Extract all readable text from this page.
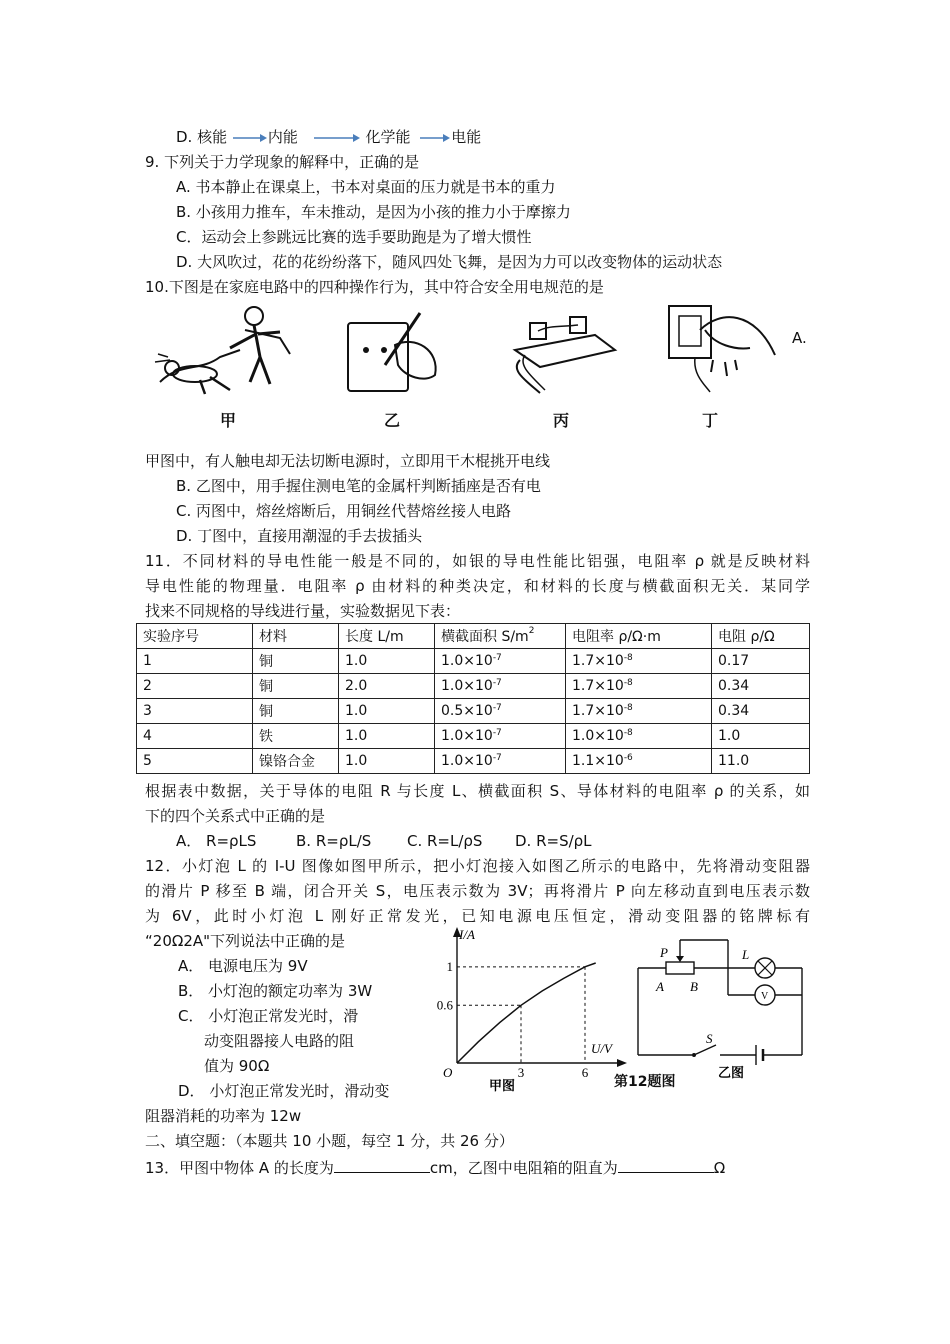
D. 核能	内能	化学能	电能
9. 下列关于力学现象的解释中，正确的是
A. 书本静止在课桌上，书本对桌面的压力就是书本的重力
B. 小孩用力推车，车未推动，是因为小孩的推力小于摩擦力
C．运动会上参跳远比赛的选手要助跑是为了增大惯性
D. 大风吹过，花的花纷纷落下，随风四处飞舞，是因为力可以改变物体的运动状态
10.下图是在家庭电路中的四种操作行为，其中符合安全用电规范的是
甲	乙	丙	丁
A.
甲图中，有人触电却无法切断电源时，立即用干木棍挑开电线
B. 乙图中，用手握住测电笔的金属杆判断插座是否有电
C. 丙图中，熔丝熔断后，用铜丝代替熔丝接人电路
D. 丁图中，直接用潮湿的手去拔插头
11．不同材料的导电性能一般是不同的，如银的导电性能比铝强，电阻率 ρ 就是反映材料
导电性能的物理量．电阻率 ρ 由材料的种类决定，和材料的长度与横截面积无关．某同学
找来不同规格的导线进行量，实验数据见下表：
实验序号	材料	长度 L/m	横截面积 $S/m^2$	电阻率 ρ/Ω·m	电阻 ρ/Ω
1	铜	1.0	$1.0\times 10^{-7}$	$1.7\times 10^{-8}$	0.17
2	铜	2.0	$1.0\times 10^{-7}$	$1.7\times 10^{-8}$	0.34
3	铜	1.0	$0.5\times 10^{-7}$	$1.7\times 10^{-8}$	0.34
4	铁	1.0	$1.0\times 10^{-7}$	$1.0\times 10^{-8}$	1.0
5	镍铬合金	1.0	$1.0\times 10^{-7}$	$1.1\times 10^{-6}$	11.0
根据表中数据，关于导体的电阻 R 与长度 L、横截面积 S、导体材料的电阻率 ρ 的关系，如
下的四个关系式中正确的是
A． R=ρLS	B. R=ρL/S C. R=L/ρS D. R=S/ρL
12．小灯泡 L 的 I-U 图像如图甲所示，把小灯泡接入如图乙所示的电路中，先将滑动变阻器
的滑片 P 移至 B 端，闭合开关 S，电压表示数为 3V；再将滑片 P 向左移动直到电压表示数
为 6V，此时小灯泡 L 刚好正常发光，已知电源电压恒定，滑动变阻器的铭牌标有
“20Ω2A"下列说法中正确的是
A． 电源电压为 9V
B． 小灯泡的额定功率为 3W
C． 小灯泡正常发光时，滑
动变阻器接人电路的阻
值为 90Ω
D． 小灯泡正常发光时，滑动变
阻器消耗的功率为 12w
I/A
U/V
O
1
0.6
3	6
甲图
P
A B
L
V
S
乙图
第12题图
二、填空题：（本题共 10 小题，每空 1 分，共 26 分）
13．甲图中物体 A 的长度为	cm，乙图中电阻箱的阻直为	Ω
